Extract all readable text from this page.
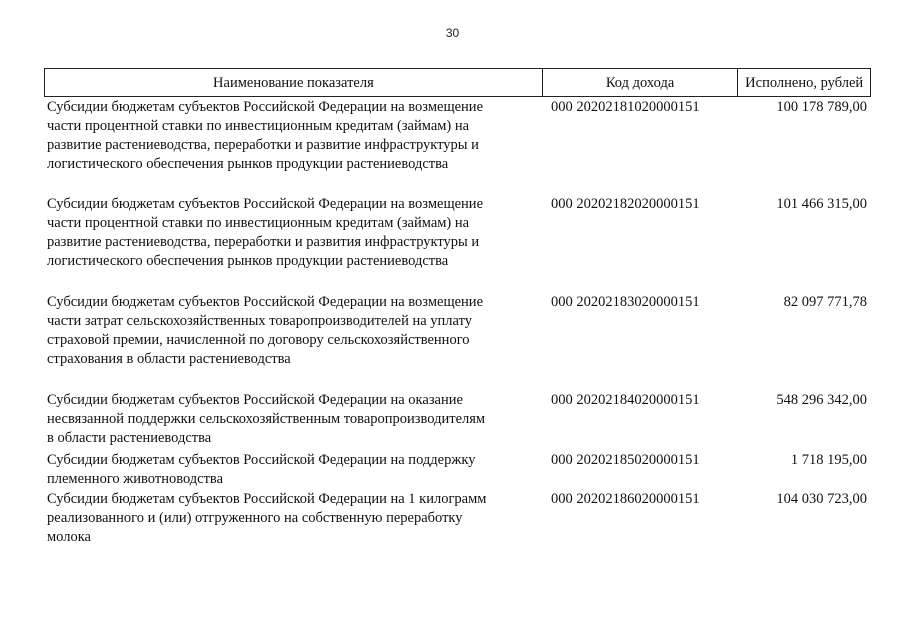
30
Наименование показателя	Код дохода	Исполнено, рублей
Субсидии бюджетам субъектов Российской Федерации на возмещение
части процентной ставки по инвестиционным кредитам (займам) на
развитие растениеводства, переработки и развитие инфраструктуры и
логистического обеспечения рынков продукции растениеводства
000 20202181020000151	100 178 789,00
Субсидии бюджетам субъектов Российской Федерации на возмещение
части процентной ставки по инвестиционным кредитам (займам) на
развитие растениеводства, переработки и развития инфраструктуры и
логистического обеспечения рынков продукции растениеводства
000 20202182020000151	101 466 315,00
Субсидии бюджетам субъектов Российской Федерации на возмещение
части затрат сельскохозяйственных товаропроизводителей на уплату
страховой премии, начисленной по договору сельскохозяйственного
страхования в области растениеводства
000 20202183020000151	82 097 771,78
Субсидии бюджетам субъектов Российской Федерации на оказание
несвязанной поддержки сельскохозяйственным товаропроизводителям
в области растениеводства
000 20202184020000151	548 296 342,00
Субсидии бюджетам субъектов Российской Федерации на поддержку
племенного животноводства
000 20202185020000151	1 718 195,00
Субсидии бюджетам субъектов Российской Федерации на 1 килограмм
реализованного и (или) отгруженного на собственную переработку
молока
000 20202186020000151	104 030 723,00
